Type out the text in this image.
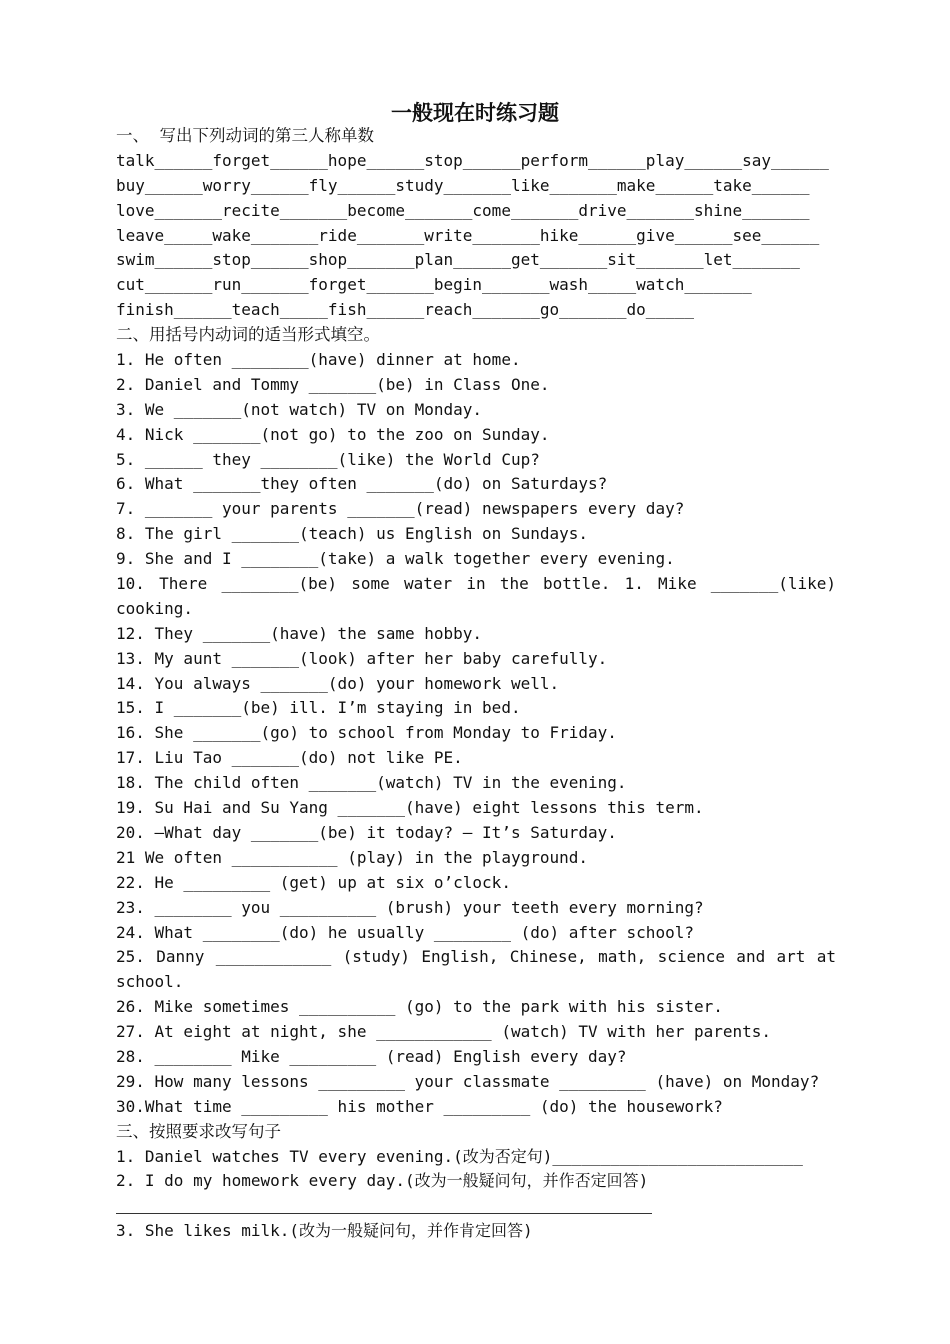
一般现在时练习题
一、  写出下列动词的第三人称单数
talk______forget______hope______stop______perform______play______say______
buy______worry______fly______study_______like_______make______take______
love_______recite_______become_______come_______drive_______shine_______
leave_____wake_______ride_______write_______hike______give______see______
swim______stop______shop_______plan______get_______sit_______let_______
cut_______run_______forget_______begin_______wash_____watch_______
finish______teach_____fish______reach_______go_______do_____
二、用括号内动词的适当形式填空。
1. He often ________(have) dinner at home.
2. Daniel and Tommy _______(be) in Class One.
3. We _______(not watch) TV on Monday.
4. Nick _______(not go) to the zoo on Sunday.
5. ______ they ________(like) the World Cup?
6. What _______they often _______(do) on Saturdays?
7. _______ your parents _______(read) newspapers every day?
8. The girl _______(teach) us English on Sundays.
9. She and I ________(take) a walk together every evening.
10. There ________(be) some water in the bottle. 1. Mike _______(like)
cooking.
12. They _______(have) the same hobby.
13. My aunt _______(look) after her baby carefully.
14. You always _______(do) your homework well.
15. I _______(be) ill. I’m staying in bed.
16. She _______(go) to school from Monday to Friday.
17. Liu Tao _______(do) not like PE.
18. The child often _______(watch) TV in the evening.
19. Su Hai and Su Yang _______(have) eight lessons this term.
20. —What day _______(be) it today? — It’s Saturday.
21 We often ___________ (play) in the playground.
22. He _________ (get) up at six o’clock.
23. ________ you __________ (brush) your teeth every morning?
24. What ________(do) he usually ________ (do) after school?
25. Danny ____________ (study) English, Chinese, math, science and art at
school.
26. Mike sometimes __________ (go) to the park with his sister.
27. At eight at night, she ____________ (watch) TV with her parents.
28. ________ Mike _________ (read) English every day?
29. How many lessons _________ your classmate _________ (have) on Monday?
30.What time _________ his mother _________ (do) the housework?
三、按照要求改写句子
1. Daniel watches TV every evening.(改为否定句)__________________________
2. I do my homework every day.(改为一般疑问句，并作否定回答)
3. She likes milk.(改为一般疑问句，并作肯定回答)
